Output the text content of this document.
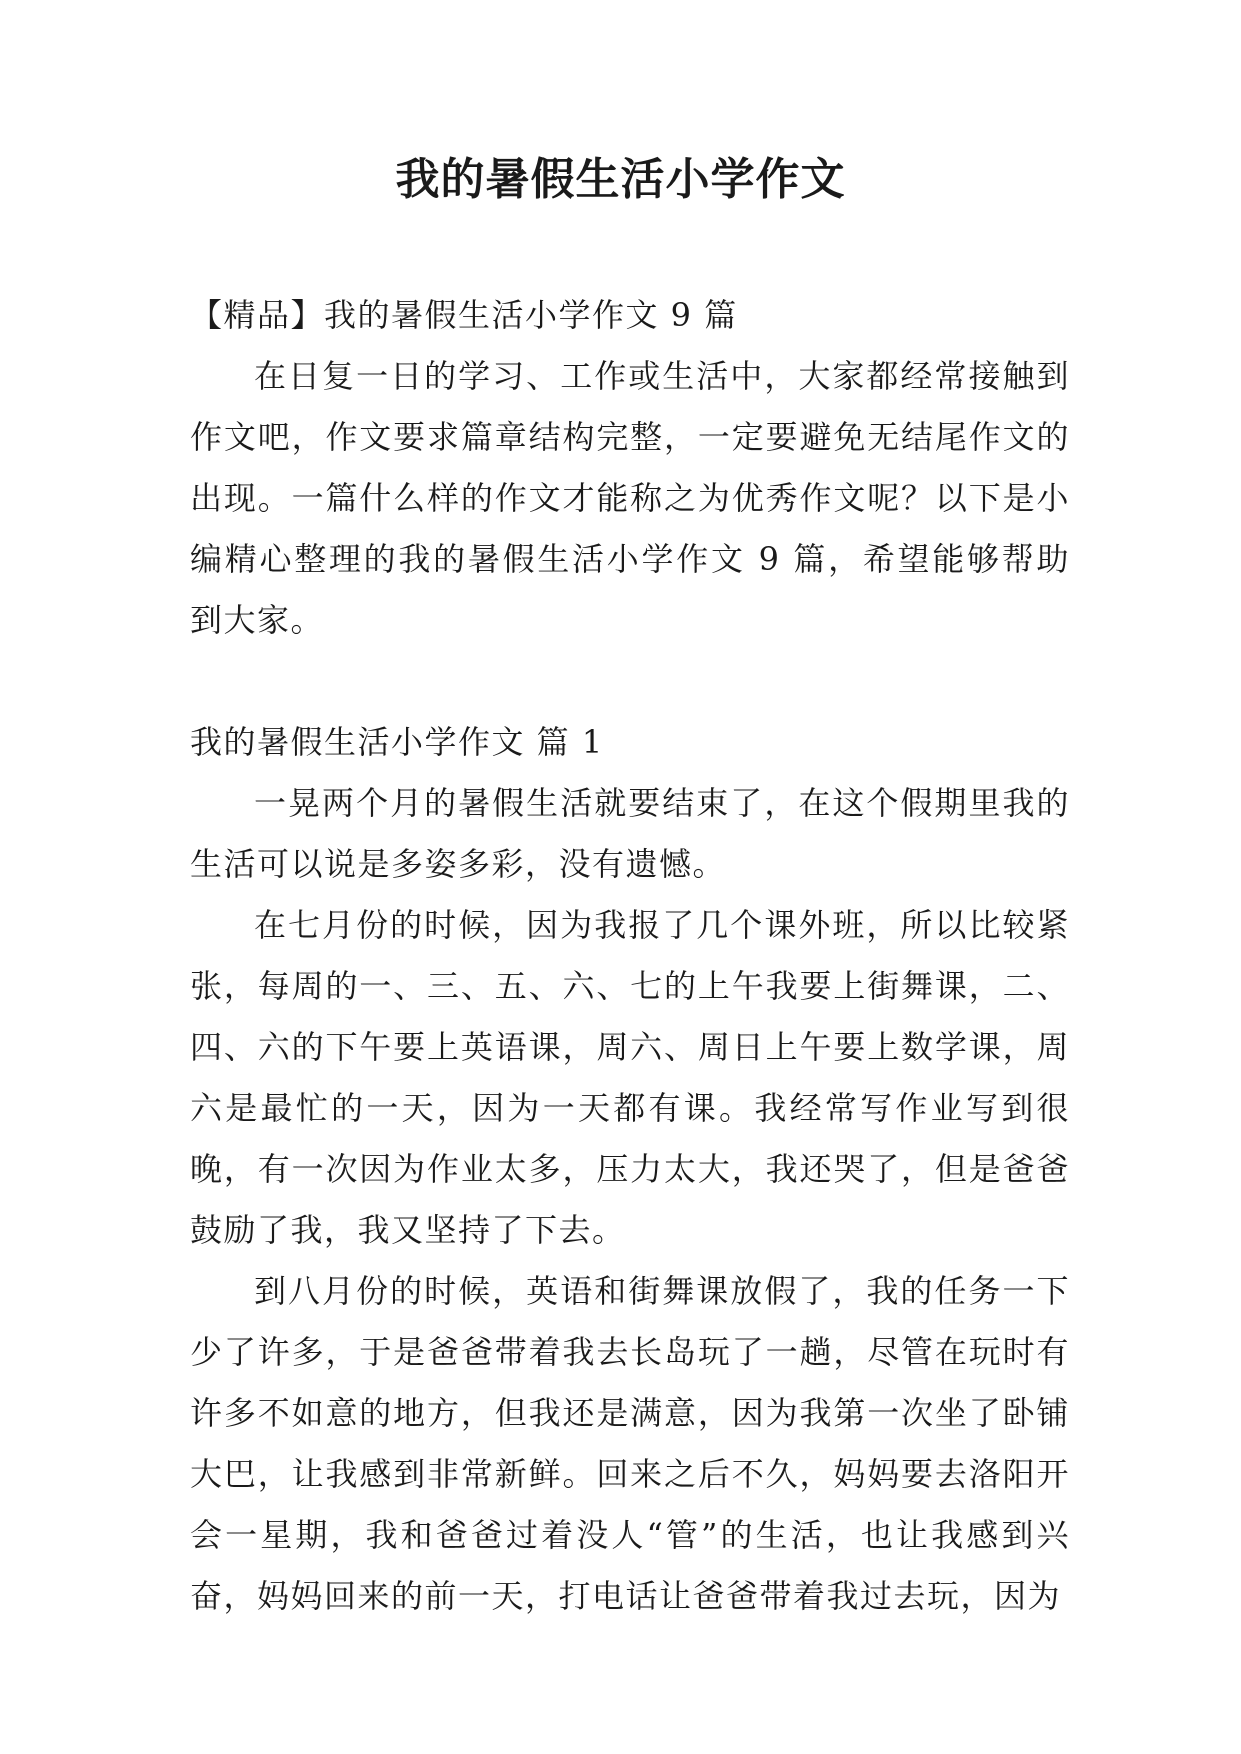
我的暑假生活小学作文

【精品】我的暑假生活小学作文 9 篇

在日复一日的学习、工作或生活中，大家都经常接触到作文吧，作文要求篇章结构完整，一定要避免无结尾作文的出现。一篇什么样的作文才能称之为优秀作文呢？以下是小编精心整理的我的暑假生活小学作文 9 篇，希望能够帮助到大家。

我的暑假生活小学作文 篇 1

一晃两个月的暑假生活就要结束了，在这个假期里我的生活可以说是多姿多彩，没有遗憾。

在七月份的时候，因为我报了几个课外班，所以比较紧张，每周的一、三、五、六、七的上午我要上街舞课，二、四、六的下午要上英语课，周六、周日上午要上数学课，周六是最忙的一天，因为一天都有课。我经常写作业写到很晚，有一次因为作业太多，压力太大，我还哭了，但是爸爸鼓励了我，我又坚持了下去。

到八月份的时候，英语和街舞课放假了，我的任务一下少了许多，于是爸爸带着我去长岛玩了一趟，尽管在玩时有许多不如意的地方，但我还是满意，因为我第一次坐了卧铺大巴，让我感到非常新鲜。回来之后不久，妈妈要去洛阳开会一星期，我和爸爸过着没人“管”的生活，也让我感到兴奋，妈妈回来的前一天，打电话让爸爸带着我过去玩，因为
